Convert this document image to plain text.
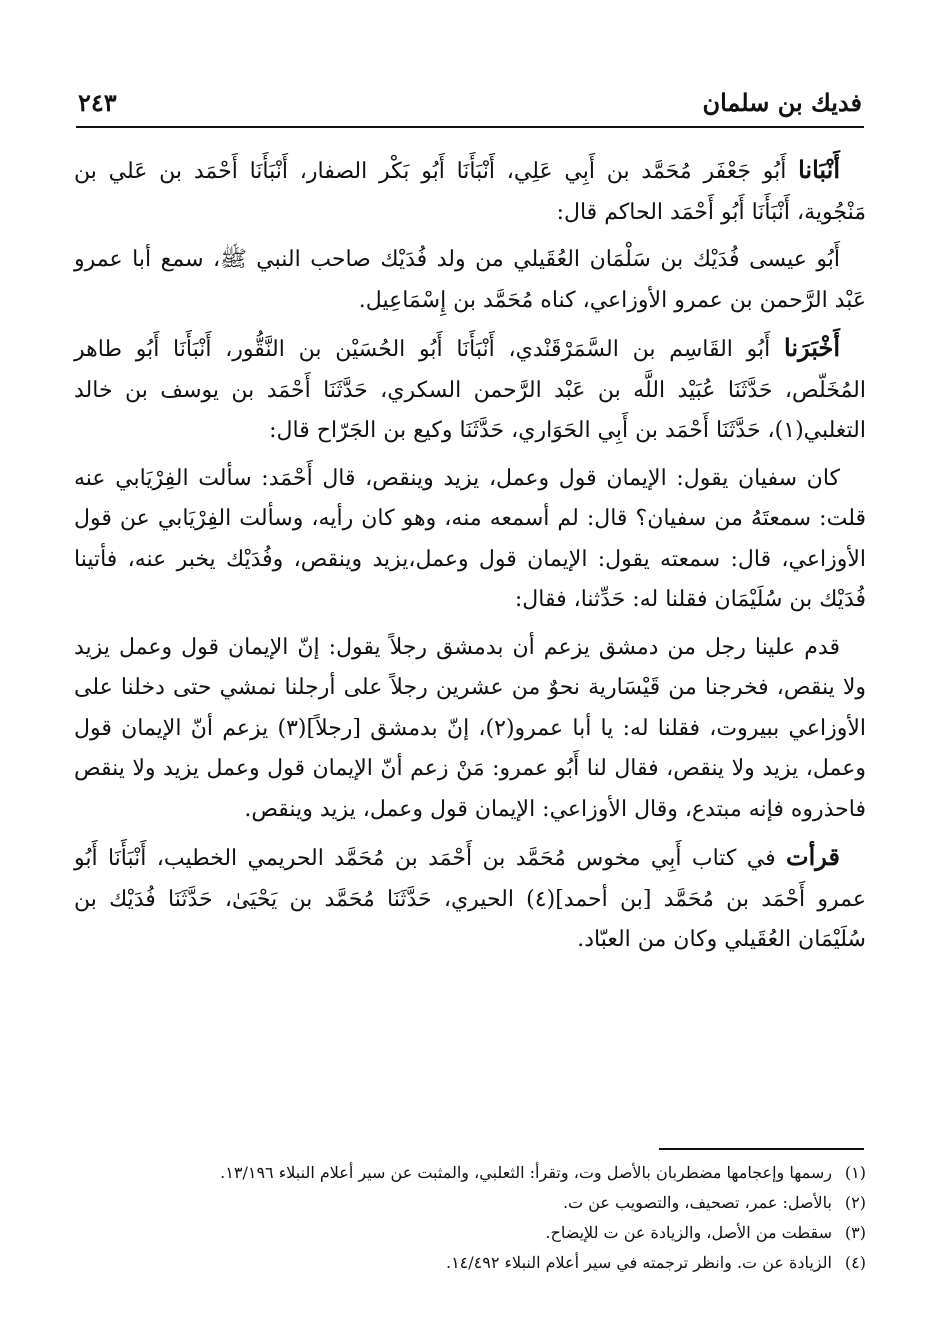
فديك بن سلمان
٢٤٣

أَنْبَانا أَبُو جَعْفَر مُحَمَّد بن أَبِي عَلِي، أَنْبَأَنَا أَبُو بَكْر الصفار، أَنْبَأَنَا أَحْمَد بن عَلي بن مَنْجُوية، أَنْبَأَنَا أَبُو أَحْمَد الحاكم قال:

أَبُو عيسى فُدَيْك بن سَلْمَان العُقَيلي من ولد فُدَيْك صاحب النبي ﷺ، سمع أبا عمرو عَبْد الرَّحمن بن عمرو الأوزاعي، كناه مُحَمَّد بن إِسْمَاعِيل.

أَخْبَرَنا أَبُو القَاسِم بن السَّمَرْقَنْدي، أَنْبَأَنَا أَبُو الحُسَيْن بن النَّقُّور، أَنْبَأَنَا أَبُو طاهر المُخَلّص، حَدَّثَنَا عُبَيْد اللَّه بن عَبْد الرَّحمن السكري، حَدَّثَنَا أَحْمَد بن يوسف بن خالد التغلبي(١)، حَدَّثَنَا أَحْمَد بن أَبِي الحَوَاري، حَدَّثَنَا وكيع بن الجَرّاح قال:

كان سفيان يقول: الإيمان قول وعمل، يزيد وينقص، قال أَحْمَد: سألت الفِرْيَابي عنه قلت: سمعتَهُ من سفيان؟ قال: لم أسمعه منه، وهو كان رأيه، وسألت الفِرْيَابي عن قول الأوزاعي، قال: سمعته يقول: الإيمان قول وعمل،يزيد وينقص، وفُدَيْك يخبر عنه، فأتينا فُدَيْك بن سُلَيْمَان فقلنا له: حَدِّثنا، فقال:

قدم علينا رجل من دمشق يزعم أن بدمشق رجلاً يقول: إنّ الإيمان قول وعمل يزيد ولا ينقص، فخرجنا من قَيْسَارية نحوٌ من عشرين رجلاً على أرجلنا نمشي حتى دخلنا على الأوزاعي ببيروت، فقلنا له: يا أبا عمرو(٢)، إنّ بدمشق [رجلاً](٣) يزعم أنّ الإيمان قول وعمل، يزيد ولا ينقص، فقال لنا أَبُو عمرو: مَنْ زعم أنّ الإيمان قول وعمل يزيد ولا ينقص فاحذروه فإنه مبتدع، وقال الأوزاعي: الإيمان قول وعمل، يزيد وينقص.

قرأت في كتاب أَبِي مخوس مُحَمَّد بن أَحْمَد بن مُحَمَّد الحريمي الخطيب، أَنْبَأَنَا أَبُو عمرو أَحْمَد بن مُحَمَّد [بن أحمد](٤) الحيري، حَدَّثَنَا مُحَمَّد بن يَحْيَىٰ، حَدَّثَنَا فُدَيْك بن سُلَيْمَان العُقَيلي وكان من العبّاد.

(١)
رسمها وإعجامها مضطربان بالأصل وت، وتقرأ: الثعلبي، والمثبت عن سير أعلام النبلاء ١٣/١٩٦.
(٢)
بالأصل: عمر، تصحيف، والتصويب عن ت.
(٣)
سقطت من الأصل، والزيادة عن ت للإيضاح.
(٤)
الزيادة عن ت. وانظر ترجمته في سير أعلام النبلاء ١٤/٤٩٢.
